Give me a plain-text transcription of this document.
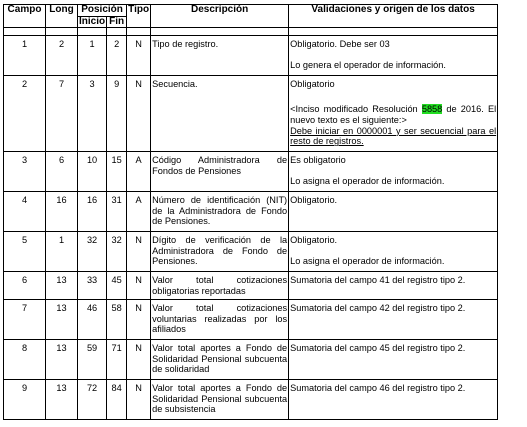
Campo	Long	Posición		Tipo	Descripción	Validaciones y origen de los datos
		Inicio	Fin			

1	2	1	2	N	Tipo de registro.	Obligatorio. Debe ser 03
Lo genera el operador de información.
2	7	3	9	N	Secuencia.	Obligatorio
<Inciso modificado Resolución 5858 de 2016. El nuevo texto es el siguiente:>
Debe iniciar en 0000001 y ser secuencial para el resto de registros.
3	6	10	15	A	Código Administradora de Fondos de Pensiones	Es obligatorio
Lo asigna el operador de información.
4	16	16	31	A	Número de identificación (NIT) de la Administradora de Fondo de Pensiones.	Obligatorio.
5	1	32	32	N	Dígito de verificación de la Administradora de Fondo de Pensiones.	Obligatorio.
Lo asigna el operador de información.
6	13	33	45	N	Valor total cotizaciones obligatorias reportadas	Sumatoria del campo 41 del registro tipo 2.
7	13	46	58	N	Valor total cotizaciones voluntarias realizadas por los afiliados	Sumatoria del campo 42 del registro tipo 2.
8	13	59	71	N	Valor total aportes a Fondo de Solidaridad Pensional subcuenta de solidaridad	Sumatoria del campo 45 del registro tipo 2.
9	13	72	84	N	Valor total aportes a Fondo de Solidaridad Pensional subcuenta de subsistencia	Sumatoria del campo 46 del registro tipo 2.
